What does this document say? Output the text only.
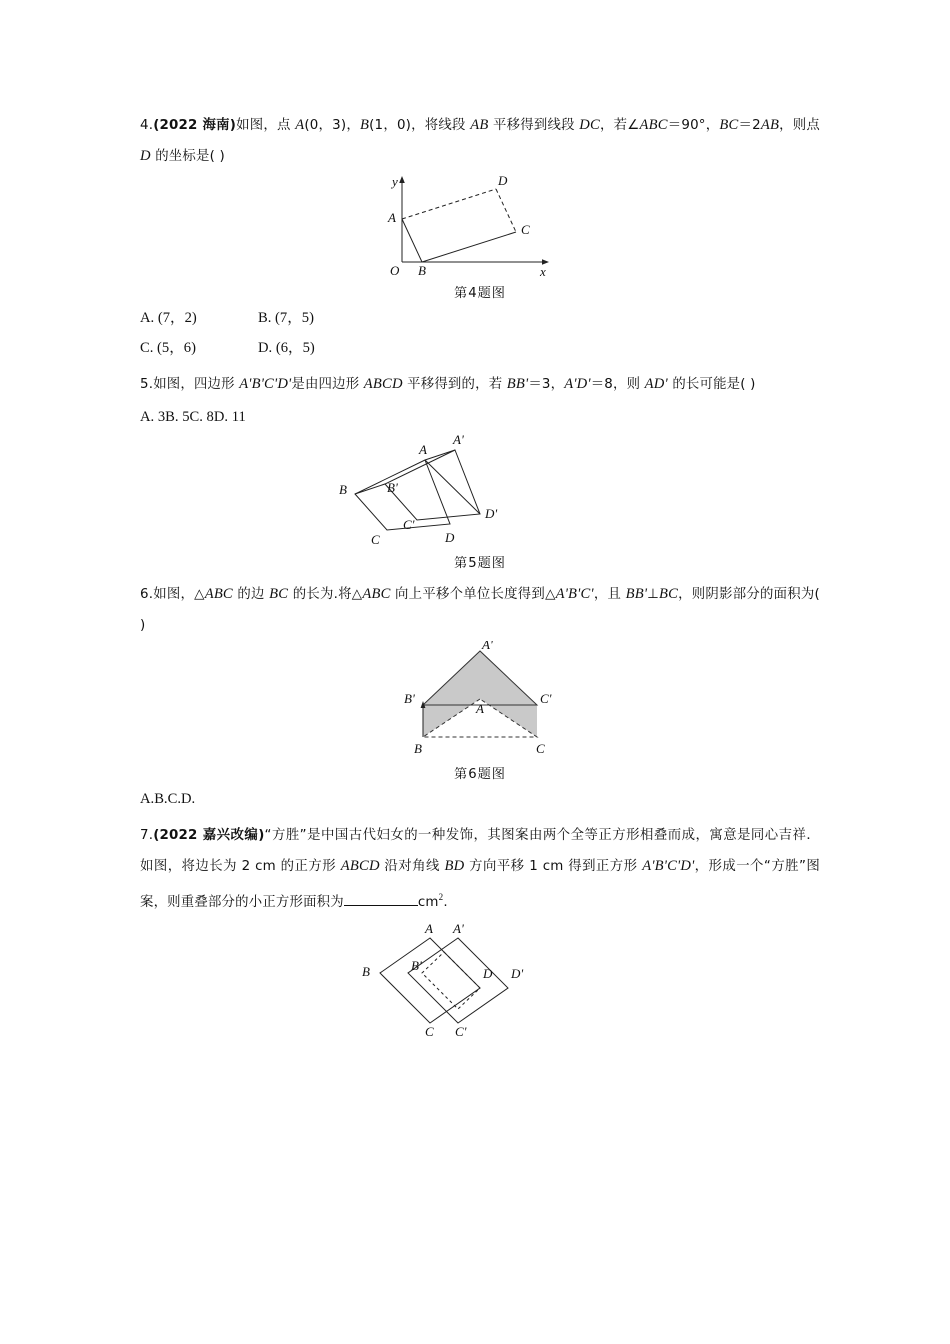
4.(2022 海南)如图，点 A(0，3)，B(1，0)，将线段 AB 平移得到线段 DC，若∠ABC＝90°，BC＝2AB，则点 D 的坐标是( )
A
B
C
D
y
x
O
第4题图
A. (7，2)	B. (7，5)
C. (5，6)	D. (6，5)
5.如图，四边形 A'B'C'D'是由四边形 ABCD 平移得到的，若 BB'＝3，A'D'＝8，则 AD' 的长可能是( )
A. 3B. 5C. 8D. 11
A
A'
B	B'
C
C'
D
D'
第5题图
6.如图，△ABC 的边 BC 的长为.将△ABC 向上平移个单位长度得到△A'B'C'，且 BB'⊥BC，则阴影部分的面积为( )
A'
B'	C'
A
B	C
第6题图
A.B.C.D.
7.(2022 嘉兴改编)“方胜”是中国古代妇女的一种发饰，其图案由两个全等正方形相叠而成，寓意是同心吉祥．如图，将边长为 2 cm 的正方形 ABCD 沿对角线 BD 方向平移 1 cm 得到正方形 A'B'C'D'，形成一个“方胜”图案，则重叠部分的小正方形面积为	$cm^2$.
A A'
B	B'
C C'
D D'
